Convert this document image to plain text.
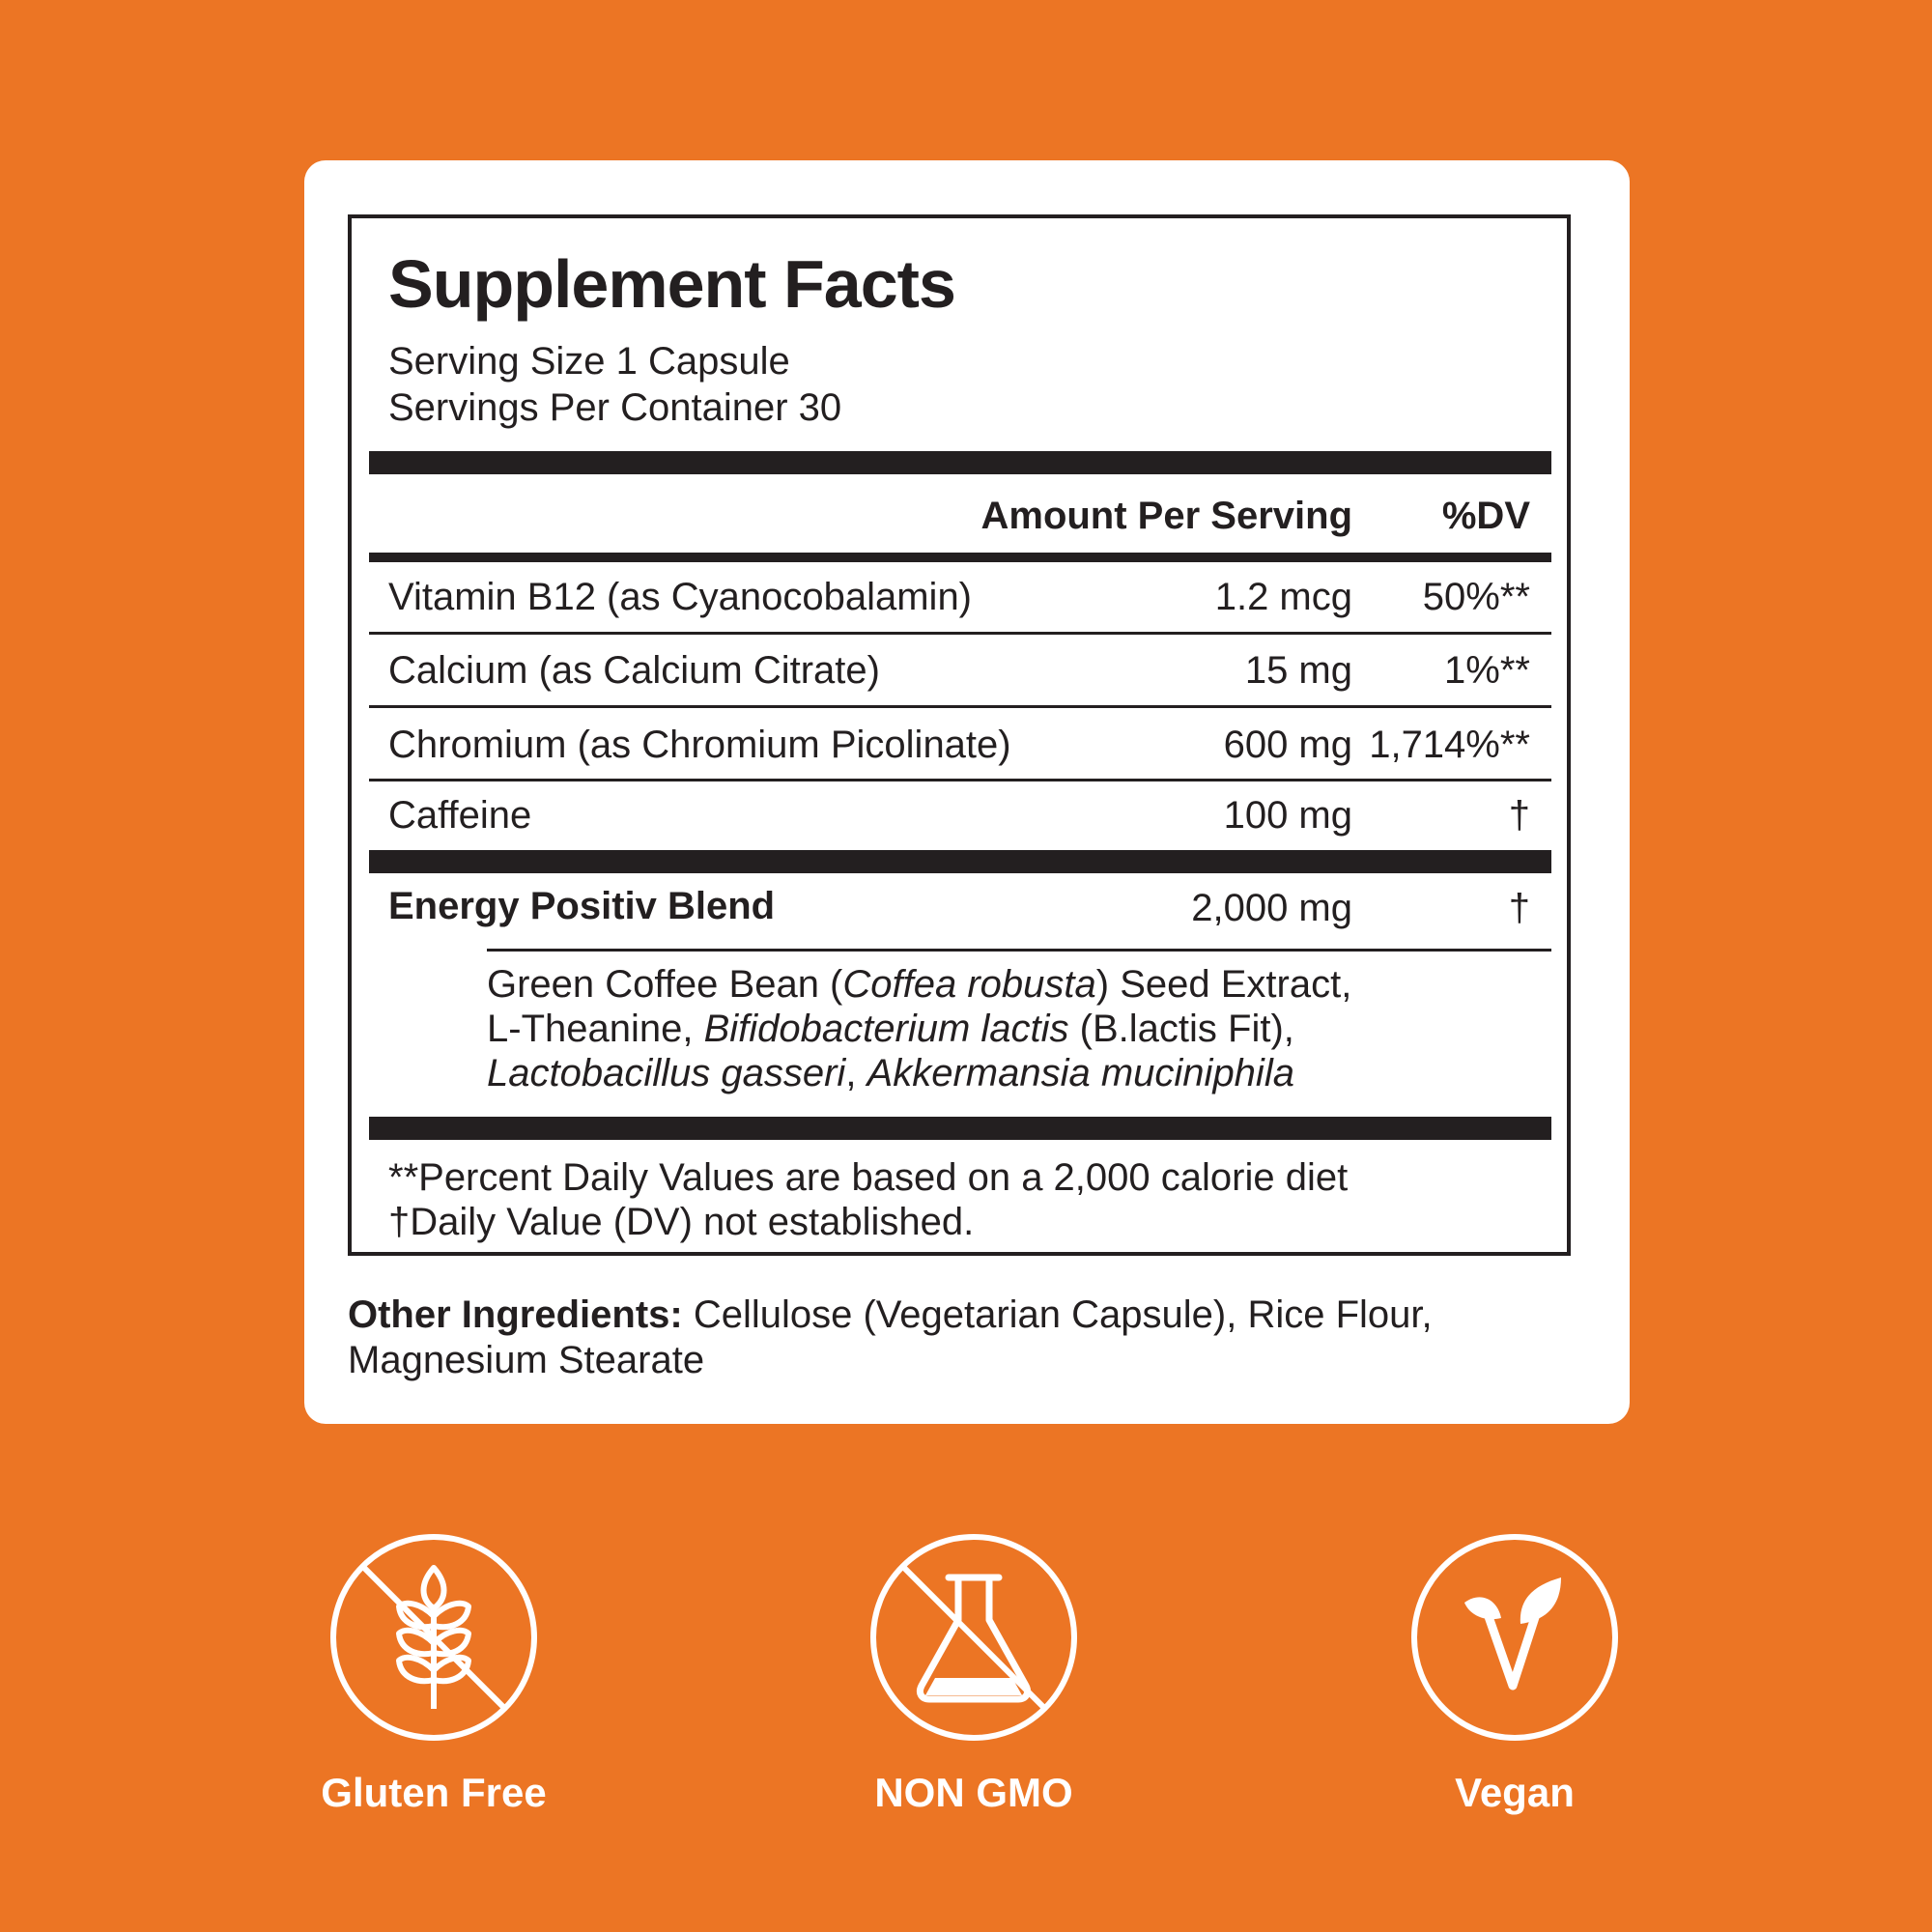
Supplement Facts
Serving Size 1 Capsule
Servings Per Container 30
Amount Per Serving %DV
Vitamin B12 (as Cyanocobalamin)	1.2 mcg 50%**
Calcium (as Calcium Citrate)	15 mg 1%**
Chromium (as Chromium Picolinate)	600 mg 1,714%**
Caffeine	100 mg	†
Energy Positiv Blend	2,000 mg	†
Green Coffee Bean (Coffea robusta) Seed Extract,
L-Theanine, Bifidobacterium lactis (B.lactis Fit),
Lactobacillus gasseri, Akkermansia muciniphila
**Percent Daily Values are based on a 2,000 calorie diet
†Daily Value (DV) not established.
Other Ingredients: Cellulose (Vegetarian Capsule), Rice Flour, Magnesium Stearate
Gluten Free	NON GMO	Vegan
